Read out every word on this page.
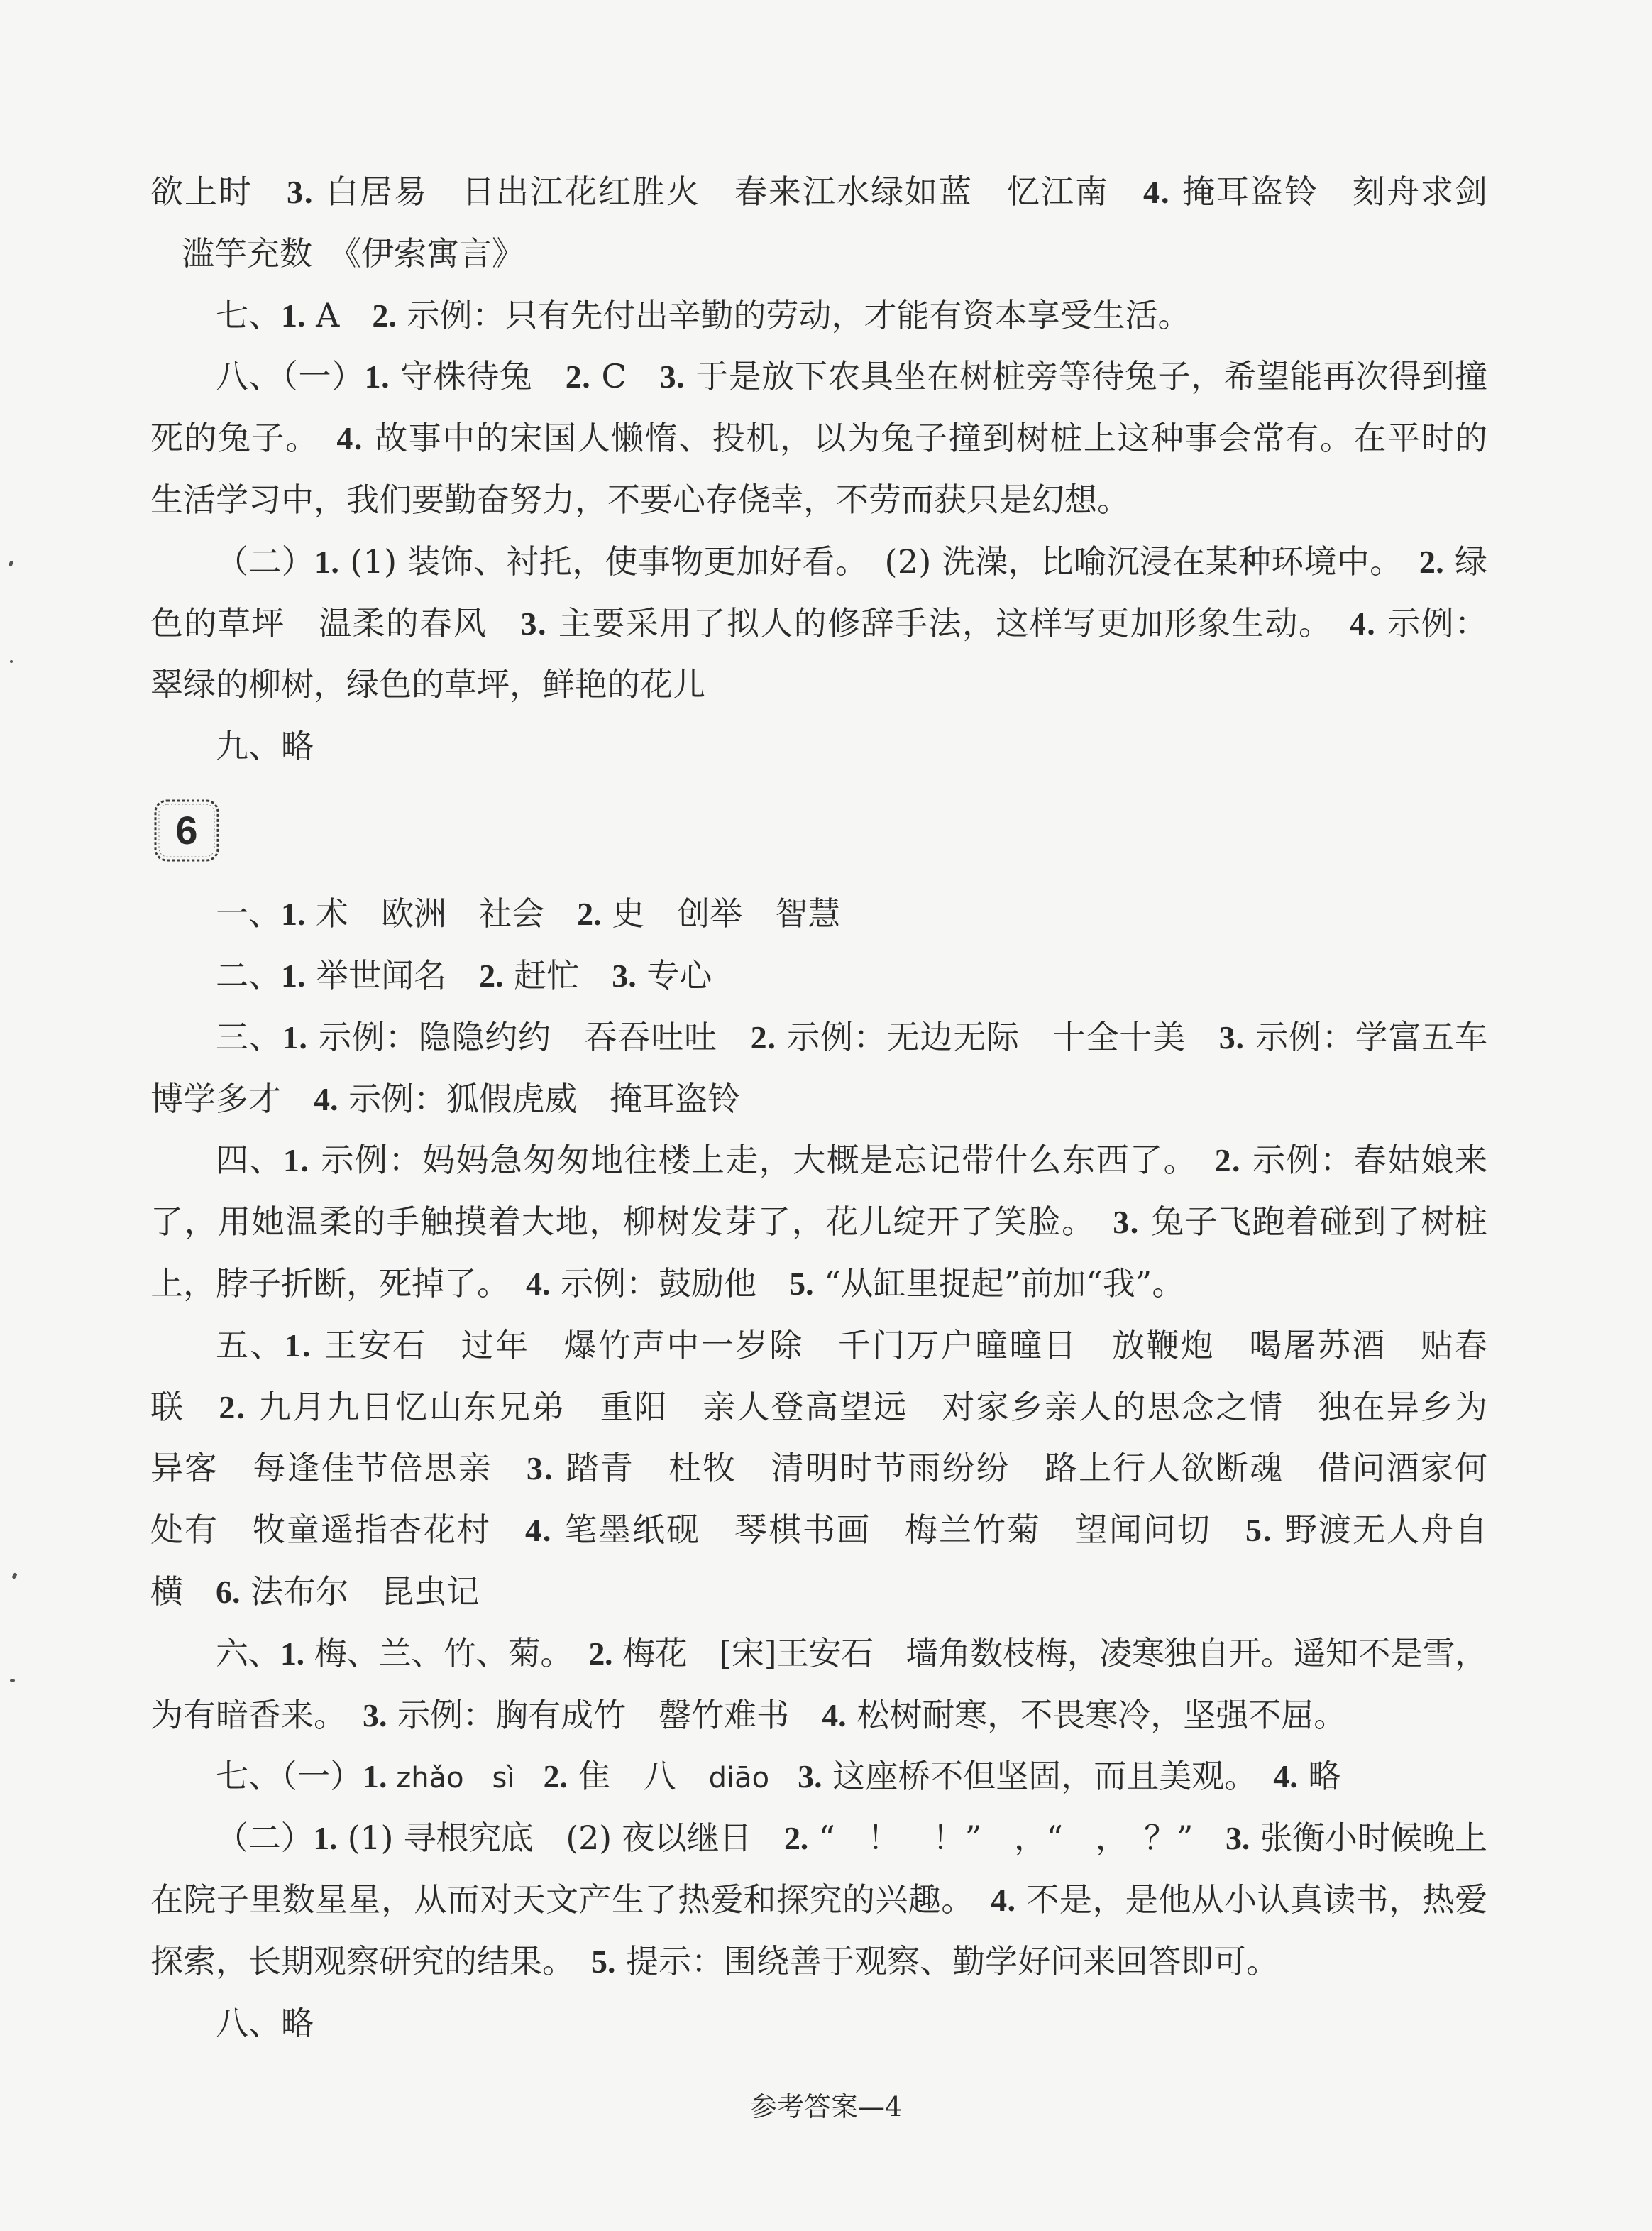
欲上时　3. 白居易　日出江花红胜火　春来江水绿如蓝　忆江南　4. 掩耳盗铃　刻舟求剑
滥竽充数　《伊索寓言》
七、1. A　2. 示例：只有先付出辛勤的劳动，才能有资本享受生活。
八、（一）1. 守株待兔　2. C　3. 于是放下农具坐在树桩旁等待兔子，希望能再次得到撞
死的兔子。　4. 故事中的宋国人懒惰、投机，以为兔子撞到树桩上这种事会常有。在平时的
生活学习中，我们要勤奋努力，不要心存侥幸，不劳而获只是幻想。
（二）1. (1) 装饰、衬托，使事物更加好看。　(2) 洗澡，比喻沉浸在某种环境中。　2. 绿
色的草坪　温柔的春风　3. 主要采用了拟人的修辞手法，这样写更加形象生动。　4. 示例：
翠绿的柳树，绿色的草坪，鲜艳的花儿
九、略
6
一、1. 术　欧洲　社会　2. 史　创举　智慧
二、1. 举世闻名　2. 赶忙　3. 专心
三、1. 示例：隐隐约约　吞吞吐吐　2. 示例：无边无际　十全十美　3. 示例：学富五车
博学多才　4. 示例：狐假虎威　掩耳盗铃
四、1. 示例：妈妈急匆匆地往楼上走，大概是忘记带什么东西了。　2. 示例：春姑娘来
了，用她温柔的手触摸着大地，柳树发芽了，花儿绽开了笑脸。　3. 兔子飞跑着碰到了树桩
上，脖子折断，死掉了。　4. 示例：鼓励他　5. “从缸里捉起”前加“我”。
五、1. 王安石　过年　爆竹声中一岁除　千门万户曈曈日　放鞭炮　喝屠苏酒　贴春
联　2. 九月九日忆山东兄弟　重阳　亲人登高望远　对家乡亲人的思念之情　独在异乡为
异客　每逢佳节倍思亲　3. 踏青　杜牧　清明时节雨纷纷　路上行人欲断魂　借问酒家何
处有　牧童遥指杏花村　4. 笔墨纸砚　琴棋书画　梅兰竹菊　望闻问切　5. 野渡无人舟自
横　6. 法布尔　昆虫记
六、1. 梅、兰、竹、菊。　2. 梅花　[宋]王安石　墙角数枝梅，凌寒独自开。遥知不是雪，
为有暗香来。　3. 示例：胸有成竹　罄竹难书　4. 松树耐寒，不畏寒冷，坚强不屈。
七、（一）1. zhǎo　sì　2. 隹　八　diāo　3. 这座桥不但坚固，而且美观。　4. 略
（二）1. (1) 寻根究底　(2) 夜以继日　2. “　！　！”　，“　，　？”　3. 张衡小时候晚上
在院子里数星星，从而对天文产生了热爱和探究的兴趣。　4. 不是，是他从小认真读书，热爱
探索，长期观察研究的结果。　5. 提示：围绕善于观察、勤学好问来回答即可。
八、略
参考答案—4
